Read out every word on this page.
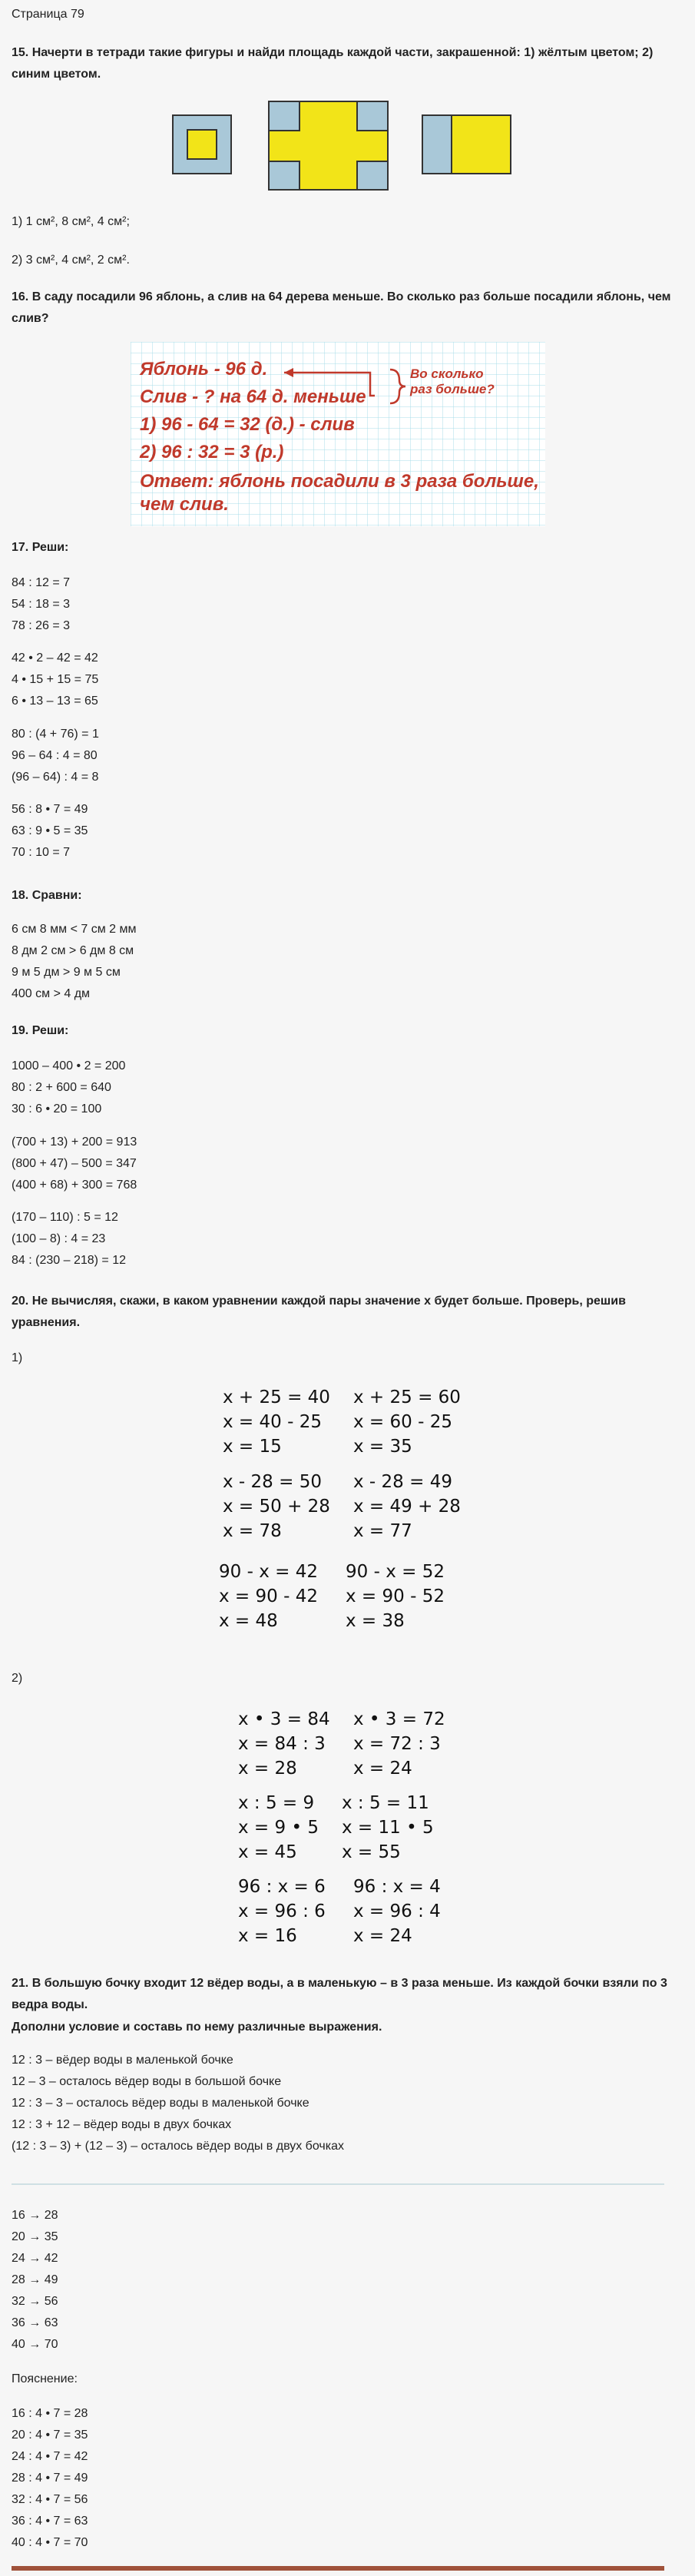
Страница 79
15. Начерти в тетради такие фигуры и найди площадь каждой части, закрашенной: 1) жёлтым цветом; 2) синим цветом.
1) 1 см², 8 см², 4 см²;
2) 3 см², 4 см², 2 см².
16. В саду посадили 96 яблонь, а слив на 64 дерева меньше. Во сколько раз больше посадили яблонь, чем слив?
Яблонь - 96 д.
Слив - ? на 64 д. меньше
1) 96 - 64 = 32 (д.) - слив
2) 96 : 32 = 3 (р.)
Ответ: яблонь посадили в 3 раза больше,
чем слив.
Во сколько
раз больше?
17. Реши:
84 : 12 = 7
54 : 18 = 3
78 : 26 = 3
42 • 2 – 42 = 42
4 • 15 + 15 = 75
6 • 13 – 13 = 65
80 : (4 + 76) = 1
96 – 64 : 4 = 80
(96 – 64) : 4 = 8
56 : 8 • 7 = 49
63 : 9 • 5 = 35
70 : 10 = 7
18. Сравни:
6 см 8 мм < 7 см 2 мм
8 дм 2 см > 6 дм 8 см
9 м 5 дм > 9 м 5 см
400 см > 4 дм
19. Реши:
1000 – 400 • 2 = 200
80 : 2 + 600 = 640
30 : 6 • 20 = 100
(700 + 13) + 200 = 913
(800 + 47) – 500 = 347
(400 + 68) + 300 = 768
(170 – 110) : 5 = 12
(100 – 8) : 4 = 23
84 : (230 – 218) = 12
20. Не вычисляя, скажи, в каком уравнении каждой пары значение х будет больше. Проверь, решив уравнения.
1)
x + 25 = 40
x = 40 - 25
x = 15
x + 25 = 60
x = 60 - 25
x = 35
x - 28 = 50
x = 50 + 28
x = 78
x - 28 = 49
x = 49 + 28
x = 77
90 - x = 42
x = 90 - 42
x = 48
90 - x = 52
x = 90 - 52
x = 38
2)
x • 3 = 84
x = 84 : 3
x = 28
x • 3 = 72
x = 72 : 3
x = 24
x : 5 = 9
x = 9 • 5
x = 45
x : 5 = 11
x = 11 • 5
x = 55
96 : x = 6
x = 96 : 6
x = 16
96 : x = 4
x = 96 : 4
x = 24
21. В большую бочку входит 12 вёдер воды, а в маленькую – в 3 раза меньше. Из каждой бочки взяли по 3 ведра воды.
Дополни условие и составь по нему различные выражения.
12 : 3 – вёдер воды в маленькой бочке
12 – 3 – осталось вёдер воды в большой бочке
12 : 3 – 3 – осталось вёдер воды в маленькой бочке
12 : 3 + 12 – вёдер воды в двух бочках
(12 : 3 – 3) + (12 – 3) – осталось вёдер воды в двух бочках
16 → 28
20 → 35
24 → 42
28 → 49
32 → 56
36 → 63
40 → 70
Пояснение:
16 : 4 • 7 = 28
20 : 4 • 7 = 35
24 : 4 • 7 = 42
28 : 4 • 7 = 49
32 : 4 • 7 = 56
36 : 4 • 7 = 63
40 : 4 • 7 = 70
